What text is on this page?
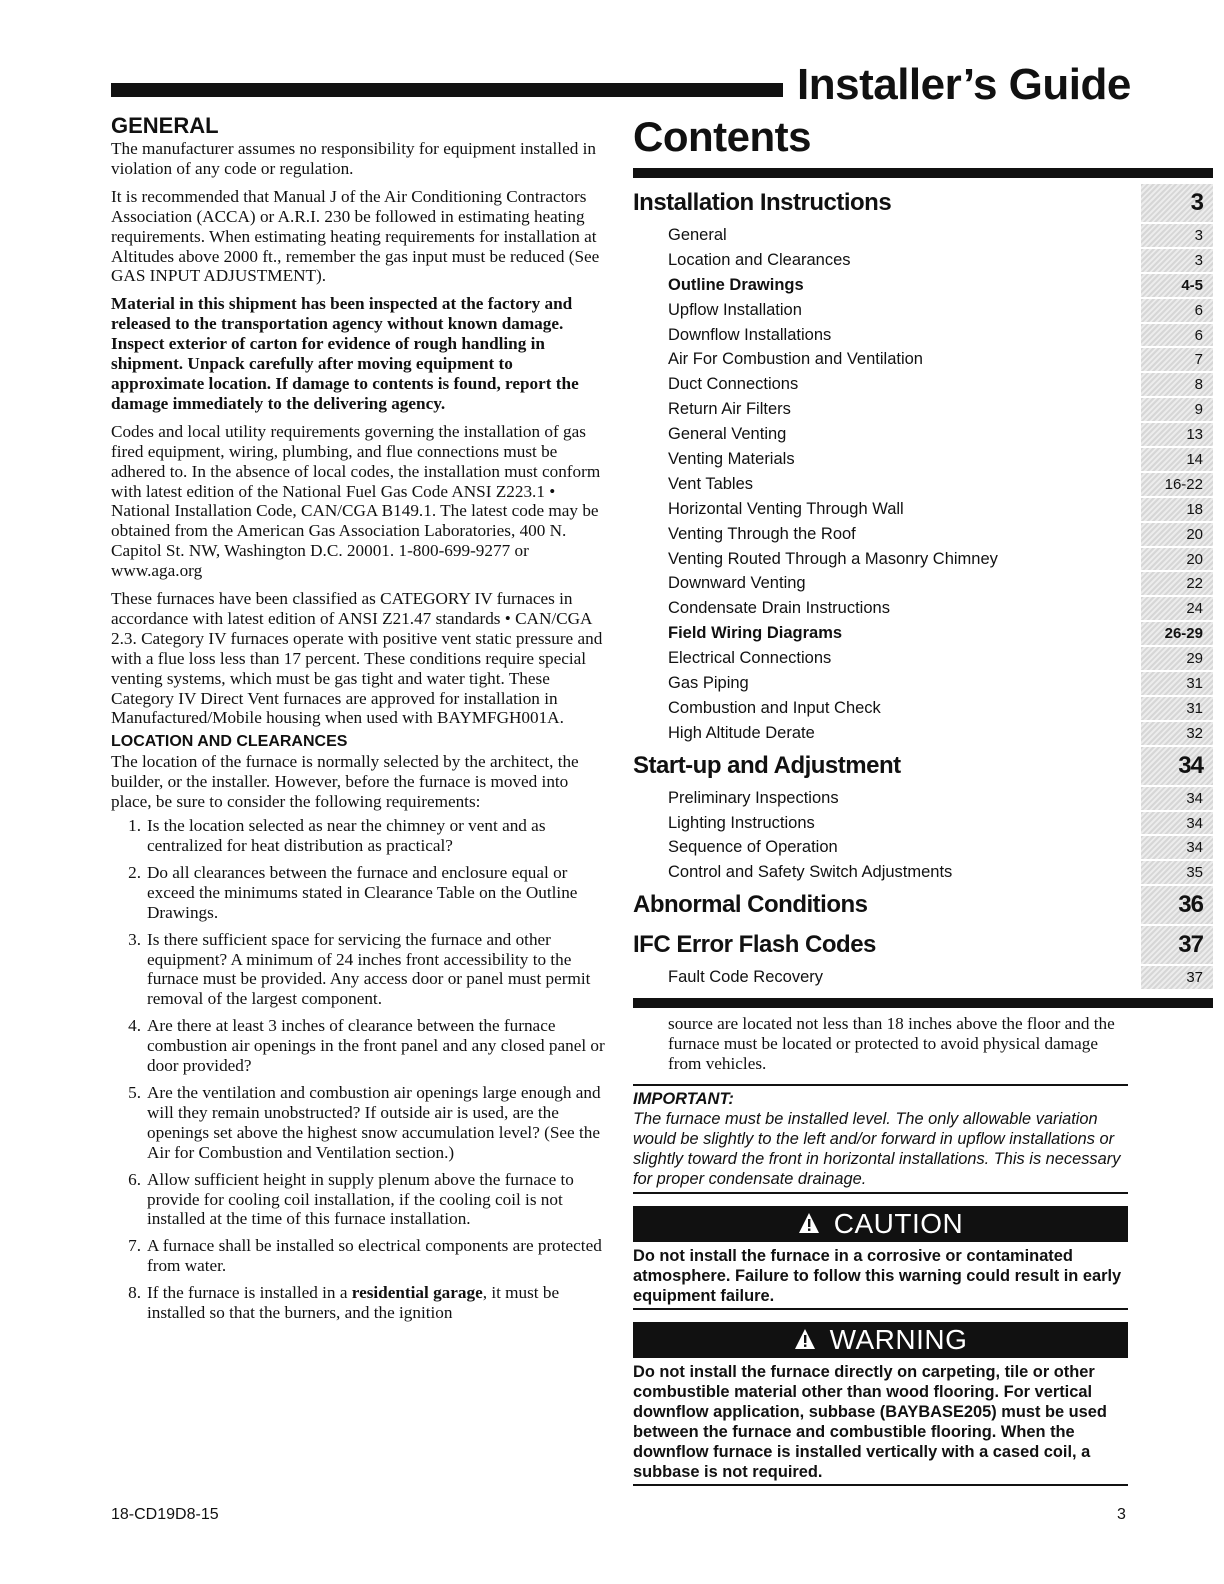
Installer’s Guide
GENERAL

The manufacturer assumes no responsibility for equipment installed in violation of any code or regulation.

It is recommended that Manual J of the Air Conditioning Contractors Association (ACCA) or A.R.I. 230 be followed in estimating heating requirements. When estimating heating requirements for installation at Altitudes above 2000 ft., remember the gas input must be reduced (See GAS INPUT ADJUSTMENT).

Material in this shipment has been inspected at the factory and released to the transportation agency without known damage. Inspect exterior of carton for evidence of rough handling in shipment. Unpack carefully after moving equipment to approximate location. If damage to contents is found, report the damage immediately to the delivering agency.

Codes and local utility requirements governing the installation of gas fired equipment, wiring, plumbing, and flue connections must be adhered to. In the absence of local codes, the installation must conform with latest edition of the National Fuel Gas Code ANSI Z223.1 • National Installation Code, CAN/CGA B149.1. The latest code may be obtained from the American Gas Association Laboratories, 400 N. Capitol St. NW, Washington D.C. 20001. 1-800-699-9277 or www.aga.org

These furnaces have been classified as CATEGORY IV furnaces in accordance with latest edition of ANSI Z21.47 standards • CAN/CGA 2.3. Category IV furnaces operate with positive vent static pressure and with a flue loss less than 17 percent. These conditions require special venting systems, which must be gas tight and water tight. These Category IV Direct Vent furnaces are approved for installation in Manufactured/Mobile housing when used with BAYMFGH001A.

LOCATION AND CLEARANCES

The location of the furnace is normally selected by the architect, the builder, or the installer. However, before the furnace is moved into place, be sure to consider the following requirements:

1. Is the location selected as near the chimney or vent and as centralized for heat distribution as practical?
2. Do all clearances between the furnace and enclosure equal or exceed the minimums stated in Clearance Table on the Outline Drawings.
3. Is there sufficient space for servicing the furnace and other equipment? A minimum of 24 inches front accessibility to the furnace must be provided. Any access door or panel must permit removal of the largest component.
4. Are there at least 3 inches of clearance between the furnace combustion air openings in the front panel and any closed panel or door provided?
5. Are the ventilation and combustion air openings large enough and will they remain unobstructed? If outside air is used, are the openings set above the highest snow accumulation level? (See the Air for Combustion and Ventilation section.)
6. Allow sufficient height in supply plenum above the furnace to provide for cooling coil installation, if the cooling coil is not installed at the time of this furnace installation.
7. A furnace shall be installed so electrical components are protected from water.
8. If the furnace is installed in a residential garage, it must be installed so that the burners, and the ignition
Contents
Installation Instructions	3
General	3
Location and Clearances	3
Outline Drawings	4-5
Upflow Installation	6
Downflow Installations	6
Air For Combustion and Ventilation	7
Duct Connections	8
Return Air Filters	9
General Venting	13
Venting Materials	14
Vent Tables	16-22
Horizontal Venting Through Wall	18
Venting Through the Roof	20
Venting Routed Through a Masonry Chimney	20
Downward Venting	22
Condensate Drain Instructions	24
Field Wiring Diagrams	26-29
Electrical Connections	29
Gas Piping	31
Combustion and Input Check	31
High Altitude Derate	32
Start-up and Adjustment	34
Preliminary Inspections	34
Lighting Instructions	34
Sequence of Operation	34
Control and Safety Switch Adjustments	35
Abnormal Conditions	36
IFC Error Flash Codes	37
Fault Code Recovery	37

source are located not less than 18 inches above the floor and the furnace must be located or protected to avoid physical damage from vehicles.

IMPORTANT:

The furnace must be installed level. The only allowable variation would be slightly to the left and/or forward in upflow installations or slightly toward the front in horizontal installations. This is necessary for proper condensate drainage.

CAUTION

Do not install the furnace in a corrosive or contaminated atmosphere. Failure to follow this warning could result in early equipment failure.

WARNING

Do not install the furnace directly on carpeting, tile or other combustible material other than wood flooring. For vertical downflow application, subbase (BAYBASE205) must be used between the furnace and combustible flooring. When the downflow furnace is installed vertically with a cased coil, a subbase is not required.

18-CD19D8-15	3
